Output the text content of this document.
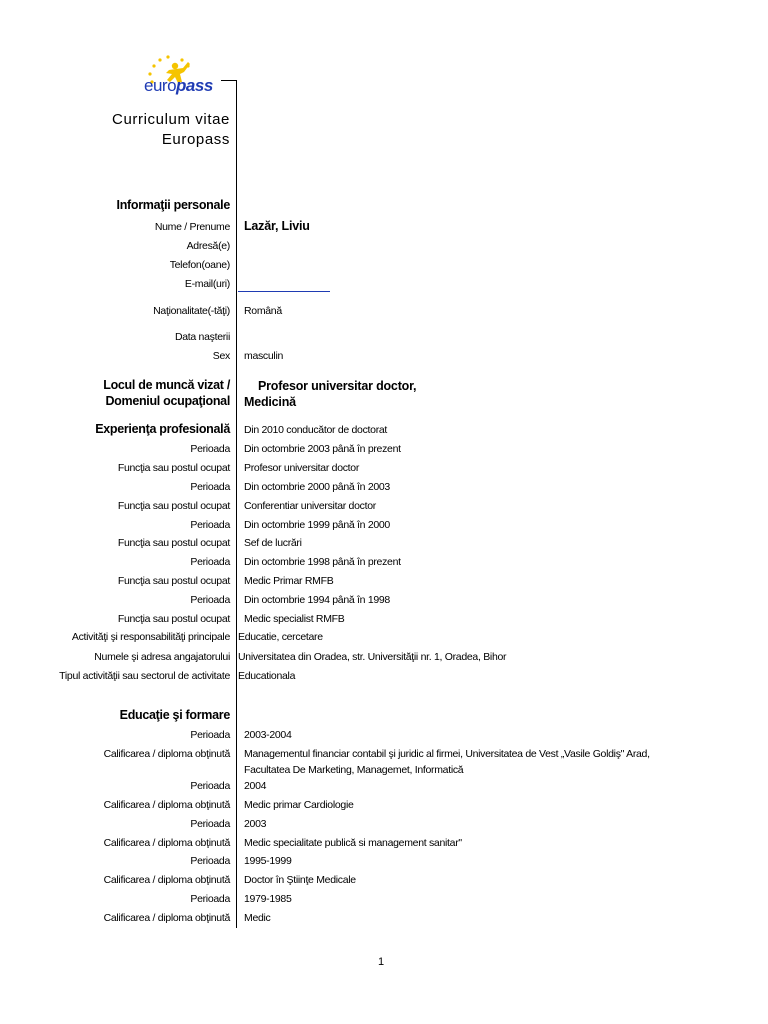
europass
Curriculum vitae
Europass
Informaţii personale
Nume / Prenume Lazăr, Liviu
Adresă(e)
Telefon(oane)
E-mail(uri)
Naţionalitate(-tăţi) Română
Data naşterii
Sex masculin
Locul de muncă vizat /
Domeniul ocupaţional
Profesor universitar doctor,
Medicină
Experienţa profesională Din 2010 conducător de doctorat
Perioada Din octombrie 2003 până în prezent
Funcţia sau postul ocupat Profesor universitar doctor
Perioada Din octombrie 2000 până în 2003
Funcţia sau postul ocupat Conferentiar universitar doctor
Perioada Din octombrie 1999 până în 2000
Funcţia sau postul ocupat Sef de lucrări
Perioada Din octombrie 1998 până în prezent
Funcţia sau postul ocupat Medic Primar RMFB
Perioada Din octombrie 1994 până în 1998
Funcţia sau postul ocupat Medic specialist RMFB
Activităţi şi responsabilităţi principale Educatie, cercetare
Numele şi adresa angajatorului Universitatea din Oradea, str. Universităţii nr. 1, Oradea, Bihor
Tipul activităţii sau sectorul de activitate Educationala
Educaţie şi formare
Perioada 2003-2004
Calificarea / diploma obţinută Managementul financiar contabil şi juridic al firmei, Universitatea de Vest „Vasile Goldiş" Arad,
Facultatea De Marketing, Managemet, Informatică
Perioada 2004
Calificarea / diploma obţinută Medic primar Cardiologie
Perioada 2003
Calificarea / diploma obţinută Medic specialitate publică si management sanitar"
Perioada 1995-1999
Calificarea / diploma obţinută Doctor în Ştiinţe Medicale
Perioada 1979-1985
Calificarea / diploma obţinută Medic
1
